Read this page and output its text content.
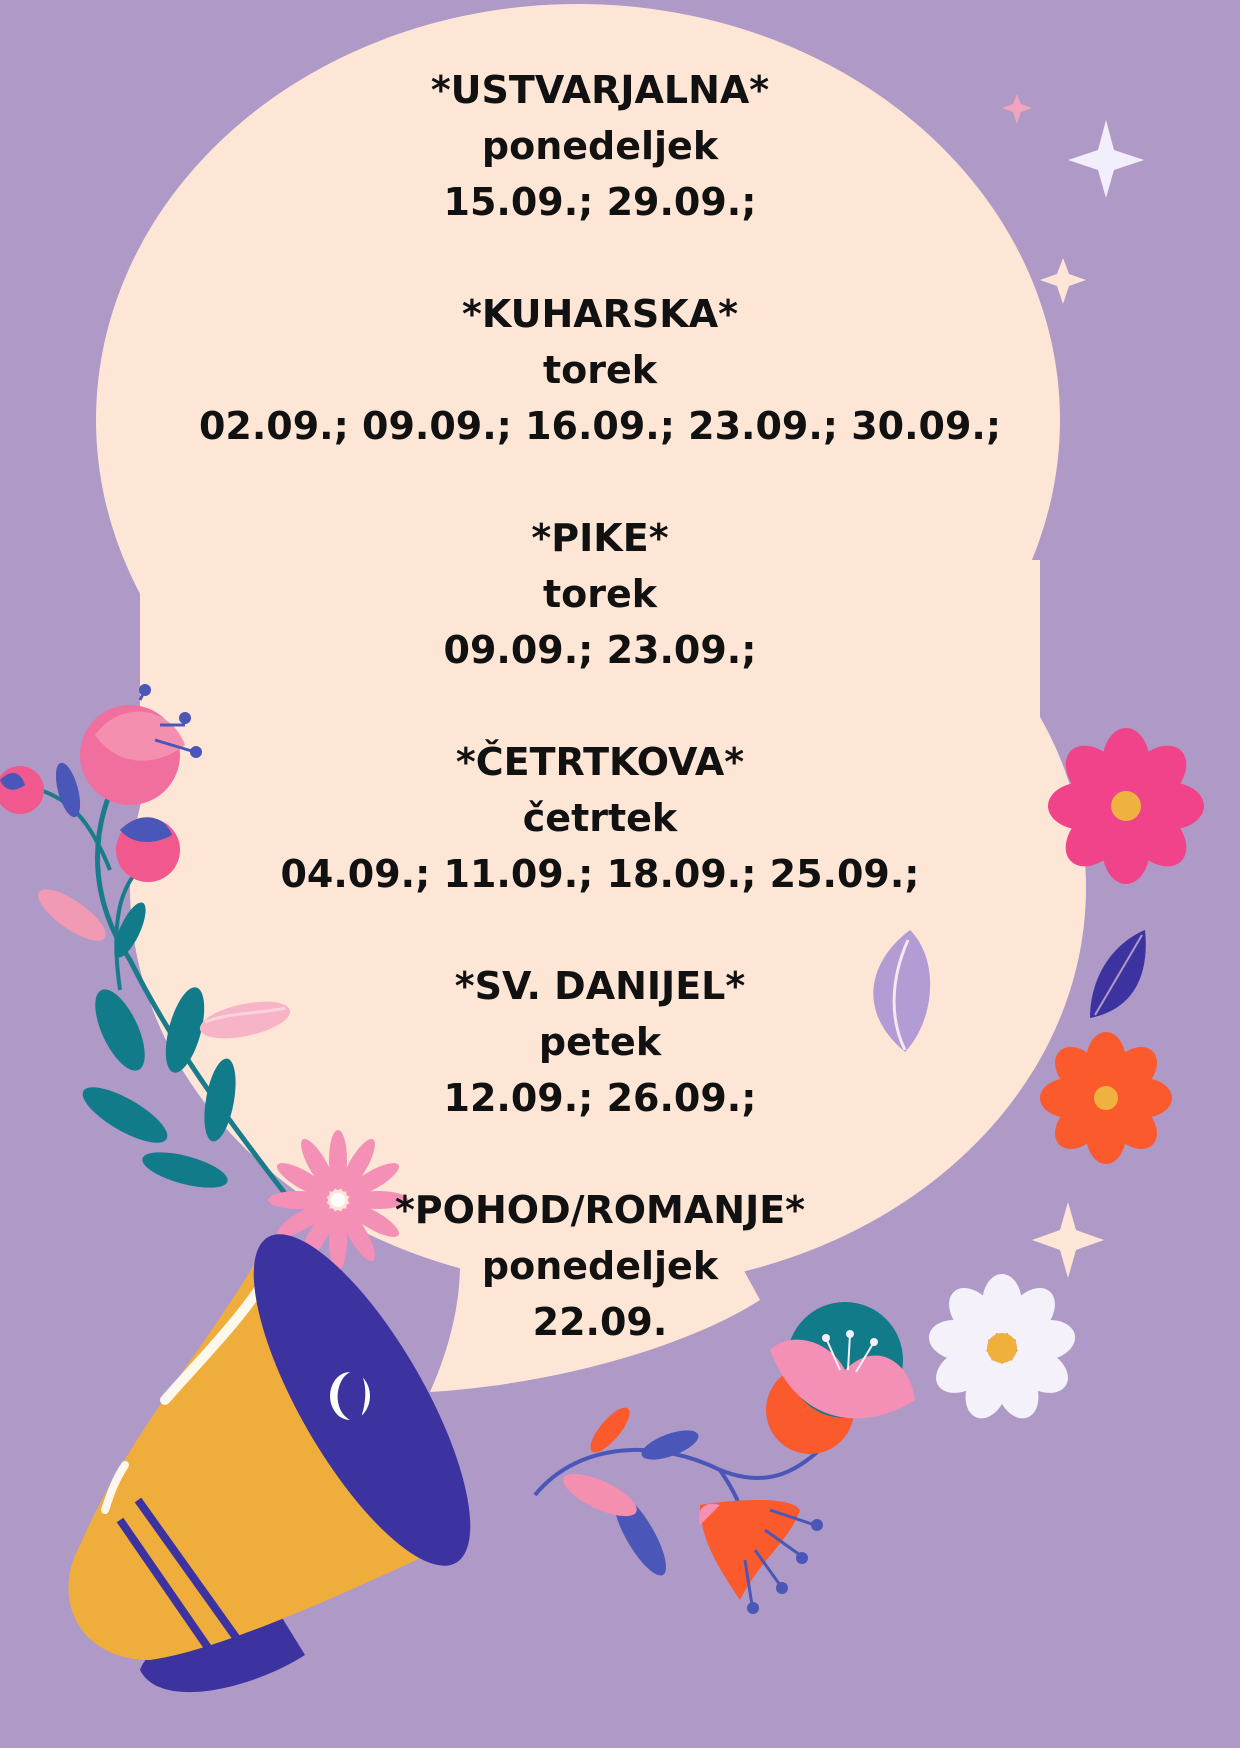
*USTVARJALNA*
ponedeljek
15.09.; 29.09.;
*KUHARSKA*
torek
02.09.; 09.09.; 16.09.; 23.09.; 30.09.;
*PIKE*
torek
09.09.; 23.09.;
*ČETRTKOVA*
četrtek
04.09.; 11.09.; 18.09.; 25.09.;
*SV. DANIJEL*
petek
12.09.; 26.09.;
*POHOD/ROMANJE*
ponedeljek
22.09.
